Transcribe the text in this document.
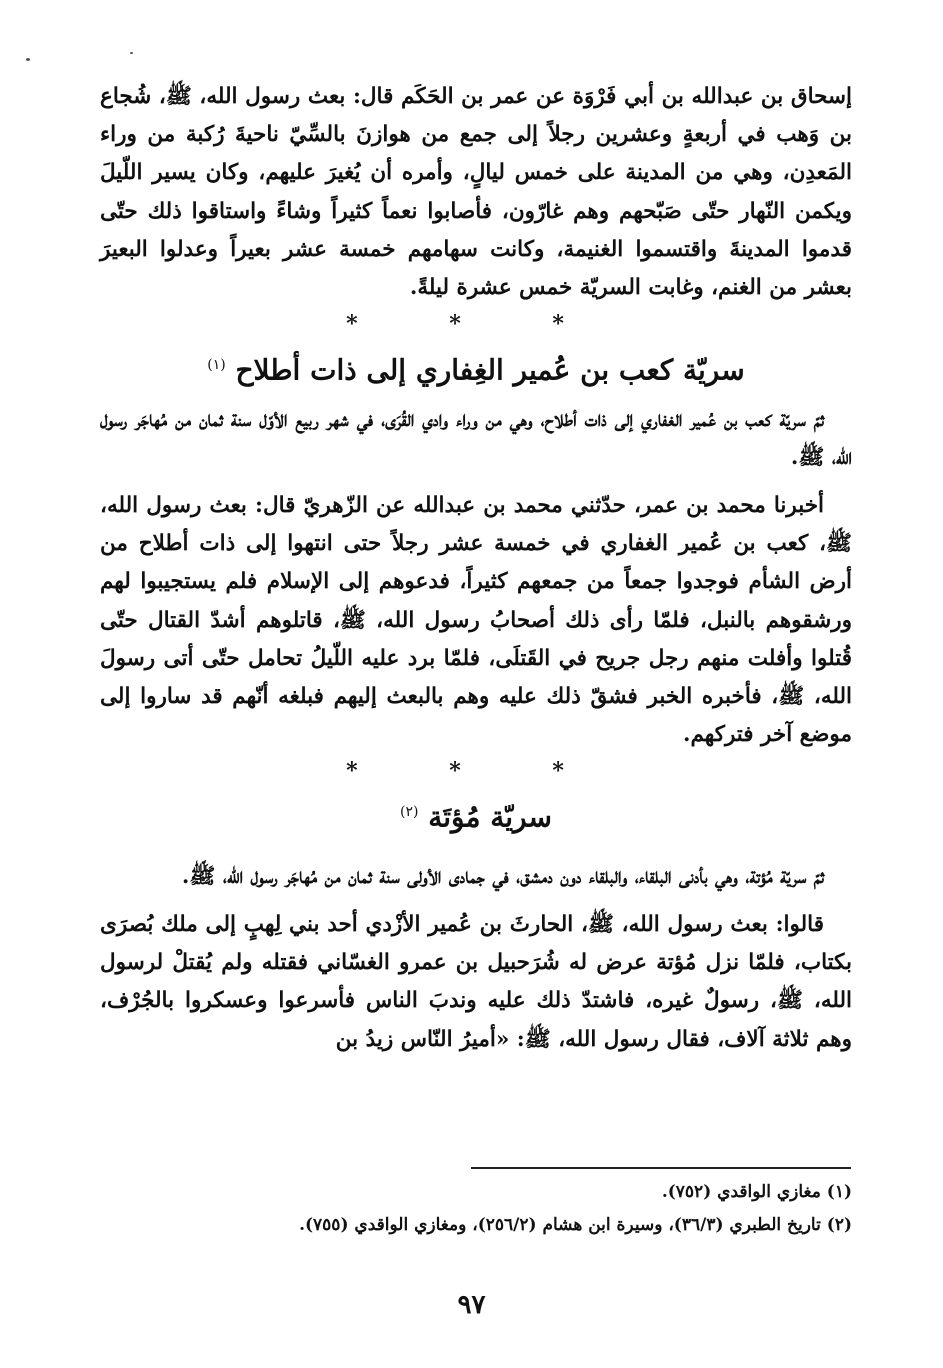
إسحاق بن عبدالله بن أبي فَرْوَة عن عمر بن الحَكَم قال: بعث رسول الله، ﷺ، شُجاع بن وَهب في أربعةٍ وعشرين رجلاً إلى جمع من هوازنَ بالسِّيّ ناحيةَ رُكبة من وراء المَعدِن، وهي من المدينة على خمس ليالٍ، وأمره أن يُغيرَ عليهم، وكان يسير اللّيلَ ويكمن النّهار حتّى صَبّحهم وهم غارّون، فأصابوا نعماً كثيراً وشاءً واستاقوا ذلك حتّى قدموا المدينةَ واقتسموا الغنيمة، وكانت سهامهم خمسة عشر بعيراً وعدلوا البعيرَ بعشر من الغنم، وغابت السريّة خمس عشرة ليلةً.

* * *
سريّة كعب بن عُمير الغِفاري إلى ذات أطلاح $^{(١)}$

ثمّ سريّة كعب بن عُمير الغفاري إلى ذات أطلاح، وهي من وراء وادي القُرَى، في شهر ربيع الأوّل سنة ثمان من مُهاجَر رسول الله، ﷺ.

أخبرنا محمد بن عمر، حدّثني محمد بن عبدالله عن الزّهريّ قال: بعث رسول الله، ﷺ، كعب بن عُمير الغفاري في خمسة عشر رجلاً حتى انتهوا إلى ذات أطلاح من أرض الشأم فوجدوا جمعاً من جمعهم كثيراً، فدعوهم إلى الإسلام فلم يستجيبوا لهم ورشقوهم بالنبل، فلمّا رأى ذلك أصحابُ رسول الله، ﷺ، قاتلوهم أشدّ القتال حتّى قُتلوا وأفلت منهم رجل جريح في القَتلَى، فلمّا برد عليه اللّيلُ تحامل حتّى أتى رسولَ الله، ﷺ، فأخبره الخبر فشقّ ذلك عليه وهم بالبعث إليهم فبلغه أنّهم قد ساروا إلى موضع آخر فتركهم.

* * *
سريّة مُؤتَة $^{(٢)}$

ثمّ سريّة مُؤتة، وهي بأدنى البلقاء، والبلقاء دون دمشق، في جمادى الأولى سنة ثمان من مُهاجَر رسول الله، ﷺ.

قالوا: بعث رسول الله، ﷺ، الحارثَ بن عُمير الأزْدي أحد بني لِهبٍ إلى ملك بُصرَى بكتاب، فلمّا نزل مُؤتة عرض له شُرَحبيل بن عمرو الغسّاني فقتله ولم يُقتلْ لرسول الله، ﷺ، رسولٌ غيره، فاشتدّ ذلك عليه وندبَ الناس فأسرعوا وعسكروا بالجُرْف، وهم ثلاثة آلاف، فقال رسول الله، ﷺ: «أميرُ النّاس زيدُ بن

(١) مغازي الواقدي (٧٥٢).

(٢) تاريخ الطبري (٣٦/٣)، وسيرة ابن هشام (٢٥٦/٢)، ومغازي الواقدي (٧٥٥).

٩٧
